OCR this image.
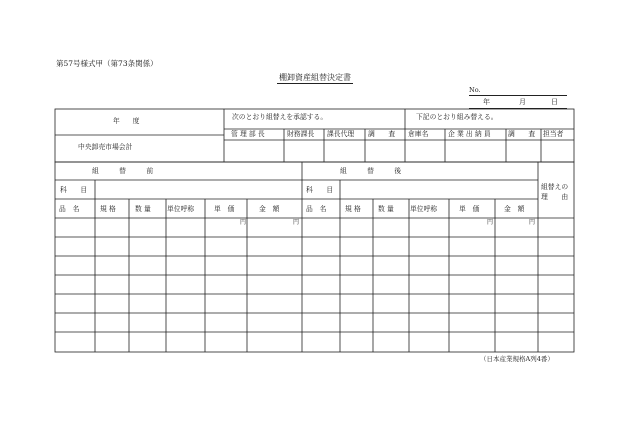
第57号様式甲（第73条関係）
棚卸資産組替決定書
No.
年	月	日
年　度
中央卸売市場会計
次のとおり組替えを承認する。	下記のとおり組み替える。
管 理 部 長	財務課長 課長代理 調　　査 倉庫名	企 業 出 納 員	調　　査 担当者
組　　　替　　　前	組　　　替　　　後
組替えの理　　由
科　　目	科　　目
品　名	規 格	数 量 単位呼称	単　価	金　額	品　名	規 格	数 量 単位呼称	単　価	金　額
円	円	円	円
（日本産業規格A列4番）
